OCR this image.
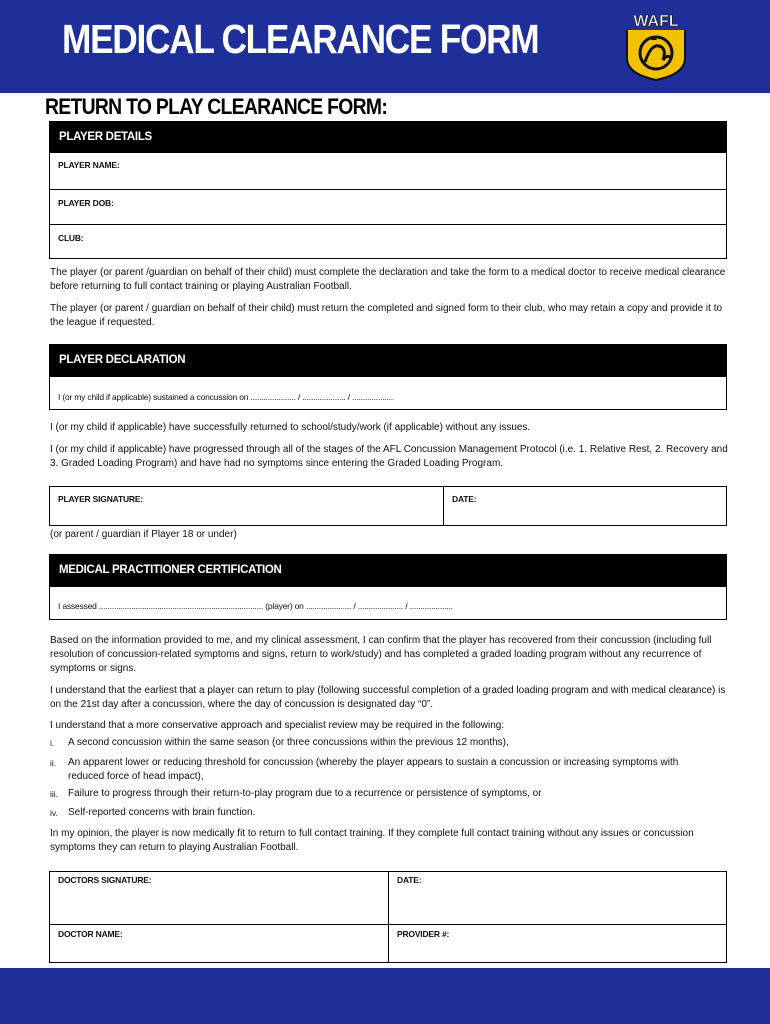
MEDICAL CLEARANCE FORM	WAFL
RETURN TO PLAY CLEARANCE FORM:
PLAYER DETAILS
PLAYER NAME:
PLAYER DOB:
CLUB:
The player (or parent /guardian on behalf of their child) must complete the declaration and take the form to a medical doctor to receive medical clearance before returning to full contact training or playing Australian Football.
The player (or parent / guardian on behalf of their child) must return the completed and signed form to their club, who may retain a copy and provide it to the league if requested.
PLAYER DECLARATION
I (or my child if applicable) sustained a concussion on ..................... / .................... / ...................
I (or my child if applicable) have successfully returned to school/study/work (if applicable) without any issues.
I (or my child if applicable) have progressed through all of the stages of the AFL Concussion Management Protocol (i.e. 1. Relative Rest, 2. Recovery and 3. Graded Loading Program) and have had no symptoms since entering the Graded Loading Program.
PLAYER SIGNATURE:	DATE:
(or parent / guardian if Player 18 or under)
MEDICAL PRACTITIONER CERTIFICATION
I assessed ............................................................................ (player) on ..................... / ..................... / ....................
Based on the information provided to me, and my clinical assessment, I can confirm that the player has recovered from their concussion (including full resolution of concussion-related symptoms and signs, return to work/study) and has completed a graded loading program without any recurrence of symptoms or signs.
I understand that the earliest that a player can return to play (following successful completion of a graded loading program and with medical clearance) is on the 21st day after a concussion, where the day of concussion is designated day “0”.
I understand that a more conservative approach and specialist review may be required in the following:
i. A second concussion within the same season (or three concussions within the previous 12 months),
ii. An apparent lower or reducing threshold for concussion (whereby the player appears to sustain a concussion or increasing symptoms with reduced force of head impact),
iii. Failure to progress through their return-to-play program due to a recurrence or persistence of symptoms, or
iv. Self-reported concerns with brain function.
In my opinion, the player is now medically fit to return to full contact training. If they complete full contact training without any issues or concussion symptoms they can return to playing Australian Football.
DOCTORS SIGNATURE:	DATE:
DOCTOR NAME:	PROVIDER #:
